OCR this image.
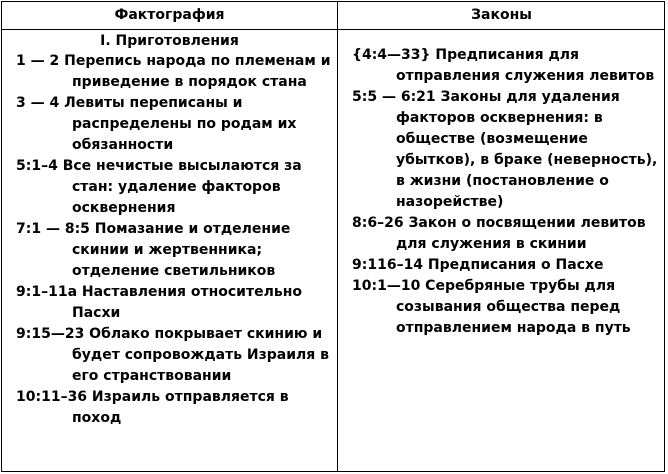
Фактография	Законы
I. Приготовления
1 — 2 Перепись народа по племенам и приведение в порядок стана
3 — 4 Левиты переписаны и распределены по родам их обязанности
5:1–4 Все нечистые высылаются за стан: удаление факторов осквернения
7:1 — 8:5 Помазание и отделение скинии и жертвенника; отделение светильников
9:1–11a Наставления относительно Пасхи
9:15—23 Облако покрывает скинию и будет сопровождать Израиля в его странствовании
10:11–36 Израиль отправляется в поход
{4:4—33} Предписания для отправления служения левитов
5:5 — 6:21 Законы для удаления факторов осквернения: в обществе (возмещение убытков), в браке (неверность), в жизни (постановление о назорействе)
8:6–26 Закон о посвящении левитов для служения в скинии
9:116–14 Предписания о Пасхе
10:1—10 Серебряные трубы для созывания общества перед отправлением народа в путь
